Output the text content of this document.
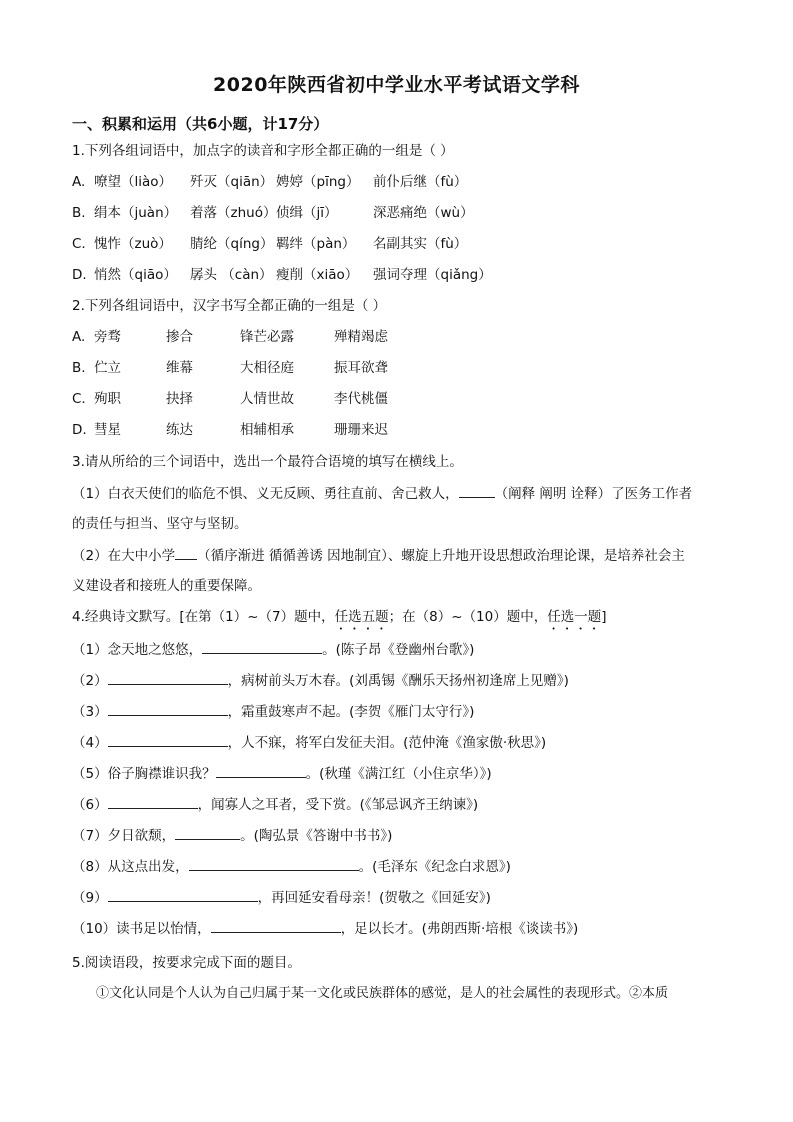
2020年陕西省初中学业水平考试语文学科
一、积累和运用（共6小题，计17分）
1.下列各组词语中，加点字的读音和字形全都正确的一组是（ ）
A. 嘹望（liào） 歼灭（qiān） 娉婷（pīng） 前仆后继（fù）
B. 绢本（juàn） 着落（zhuó） 侦缉（jī）	深恶痛绝（wù）
C. 愧怍（zuò） 腈纶（qíng） 羁绊（pàn） 名副其实（fù）
D. 悄然（qiāo） 孱头 （càn） 瘦削（xiāo） 强词夺理（qiǎng）
2.下列各组词语中，汉字书写全都正确的一组是（ ）
A. 旁骛	掺合	锋芒必露	殚精竭虑
B. 伫立	维幕	大相径庭	振耳欲聋
C. 殉职	抉择	人情世故	李代桃僵
D. 彗星	练达	相辅相承	珊珊来迟
3.请从所给的三个词语中，选出一个最符合语境的填写在横线上。
（1）白衣天使们的临危不惧、义无反顾、勇往直前、舍己救人，	（阐释 阐明 诠释）了医务工作者
的责任与担当、坚守与坚韧。
（2）在大中小学 （循序渐进 循循善诱 因地制宜）、螺旋上升地开设思想政治理论课，是培养社会主
义建设者和接班人的重要保障。
4.经典诗文默写。[在第（1）~（7）题中，任选五题；在（8）~（10）题中，任选一题]
（1）念天地之悠悠，	。(陈子昂《登幽州台歌》)
（2）	，病树前头万木春。(刘禹锡《酬乐天扬州初逢席上见赠》)
（3）	，霜重鼓寒声不起。(李贺《雁门太守行》)
（4）	，人不寐，将军白发征夫泪。(范仲淹《渔家傲·秋思》)
（5）俗子胸襟谁识我？	。(秋瑾《满江红（小住京华）》)
（6）	，闻寡人之耳者，受下赏。(《邹忌讽齐王纳谏》)
（7）夕日欲颓，	。(陶弘景《答谢中书书》)
（8）从这点出发，	。(毛泽东《纪念白求恩》)
（9）	，再回延安看母亲！(贺敬之《回延安》)
（10）读书足以怡情，	，足以长才。(弗朗西斯·培根《谈读书》)
5.阅读语段，按要求完成下面的题目。
①文化认同是个人认为自己归属于某一文化或民族群体的感觉，是人的社会属性的表现形式。②本质
